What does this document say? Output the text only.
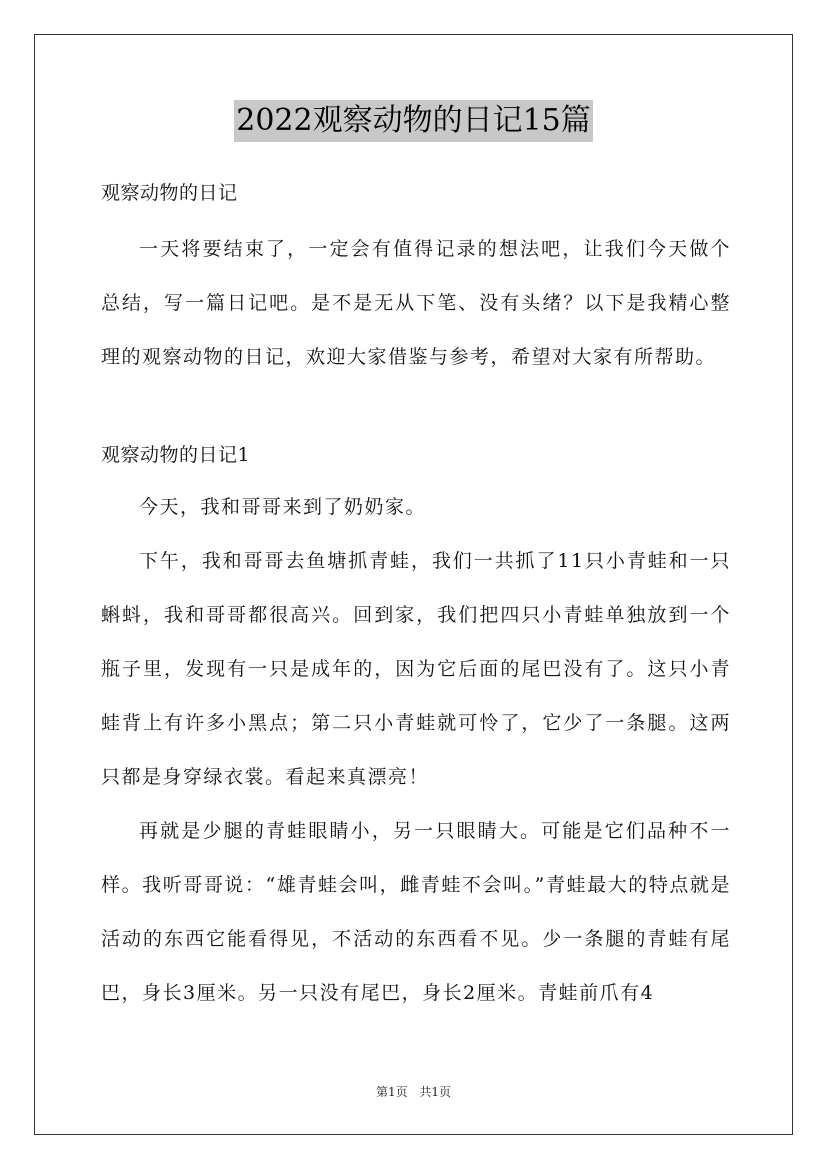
2022观察动物的日记15篇
观察动物的日记

一天将要结束了，一定会有值得记录的想法吧，让我们今天做个总结，写一篇日记吧。是不是无从下笔、没有头绪？以下是我精心整理的观察动物的日记，欢迎大家借鉴与参考，希望对大家有所帮助。

观察动物的日记1

今天，我和哥哥来到了奶奶家。

下午，我和哥哥去鱼塘抓青蛙，我们一共抓了11只小青蛙和一只蝌蚪，我和哥哥都很高兴。回到家，我们把四只小青蛙单独放到一个瓶子里，发现有一只是成年的，因为它后面的尾巴没有了。这只小青蛙背上有许多小黑点；第二只小青蛙就可怜了，它少了一条腿。这两只都是身穿绿衣裳。看起来真漂亮！

再就是少腿的青蛙眼睛小，另一只眼睛大。可能是它们品种不一样。我听哥哥说：“雄青蛙会叫，雌青蛙不会叫。”青蛙最大的特点就是活动的东西它能看得见，不活动的东西看不见。少一条腿的青蛙有尾巴，身长3厘米。另一只没有尾巴，身长2厘米。青蛙前爪有4

第1页 共1页
